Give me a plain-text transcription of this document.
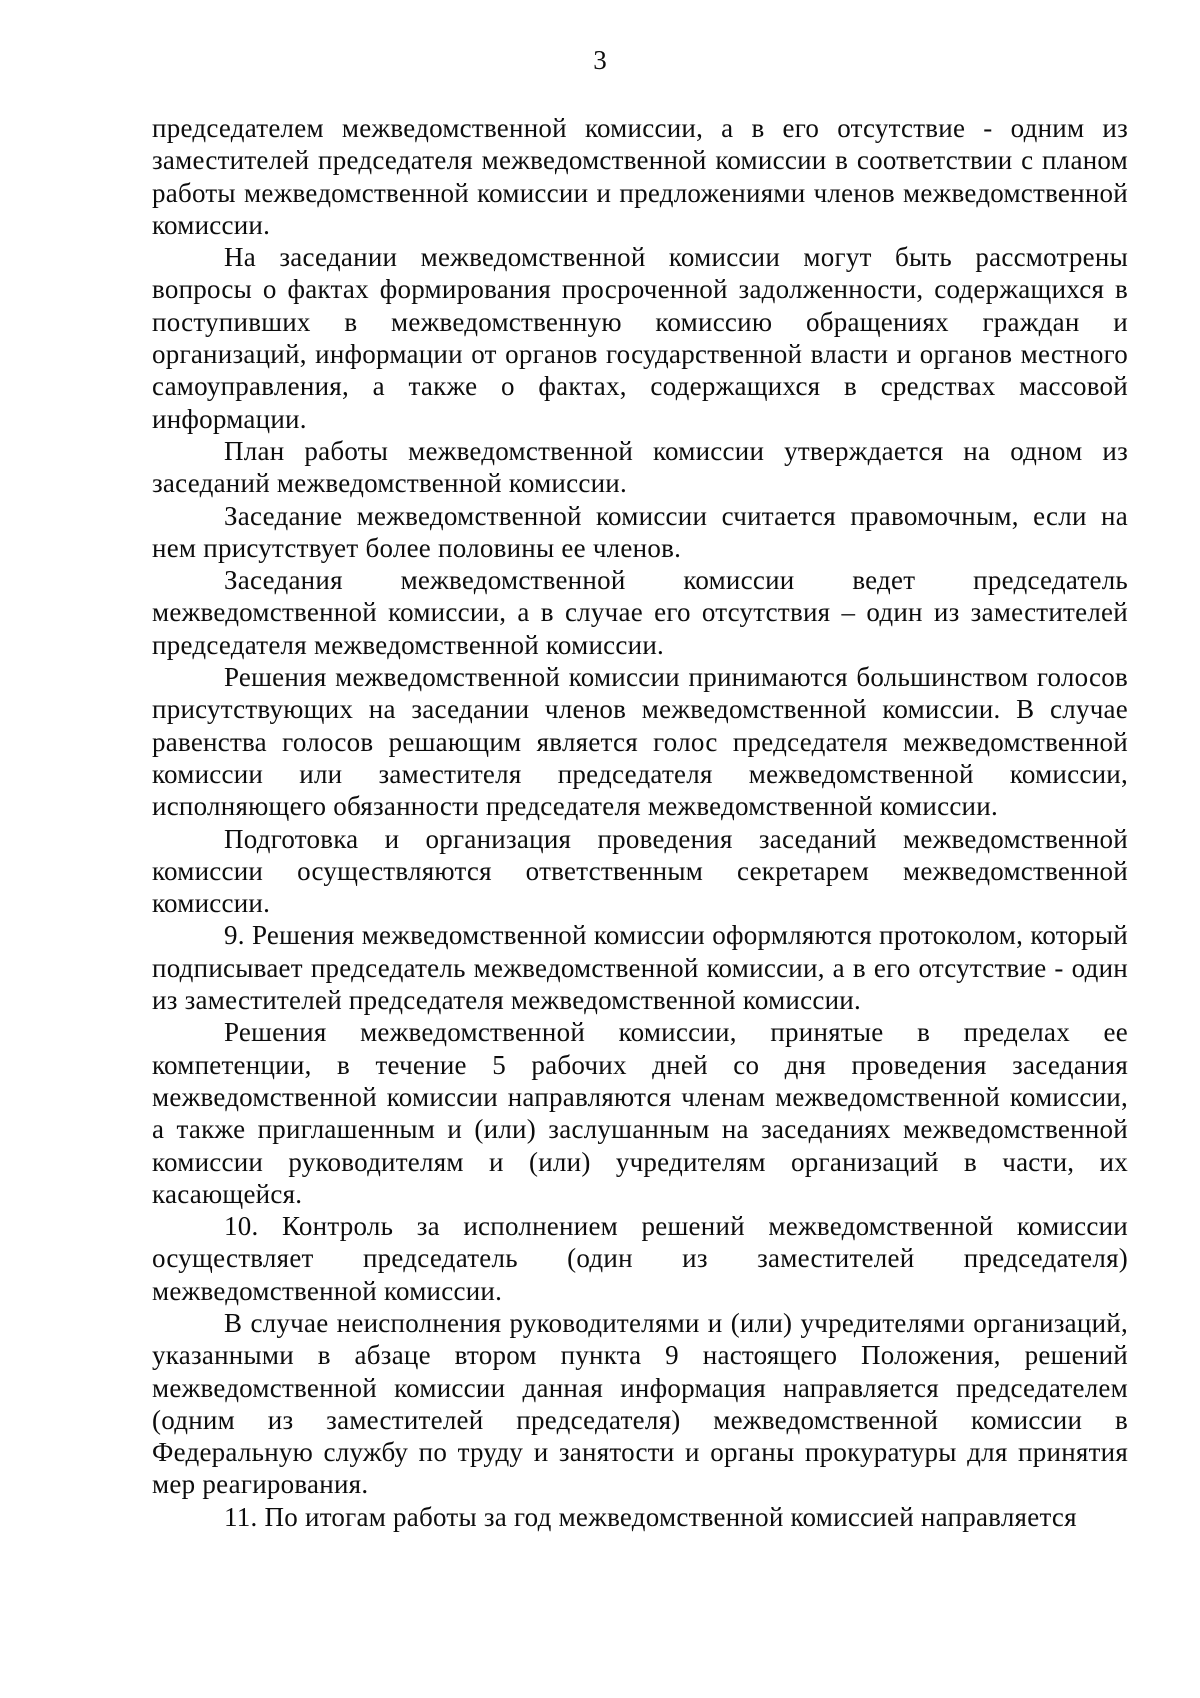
3

председателем межведомственной комиссии, а в его отсутствие - одним из заместителей председателя межведомственной комиссии в соответствии с планом работы межведомственной комиссии и предложениями членов межведомственной комиссии.

На заседании межведомственной комиссии могут быть рассмотрены вопросы о фактах формирования просроченной задолженности, содержащихся в поступивших в межведомственную комиссию обращениях граждан и организаций, информации от органов государственной власти и органов местного самоуправления, а также о фактах, содержащихся в средствах массовой информации.

План работы межведомственной комиссии утверждается на одном из заседаний межведомственной комиссии.

Заседание межведомственной комиссии считается правомочным, если на нем присутствует более половины ее членов.

Заседания межведомственной комиссии ведет председатель межведомственной комиссии, а в случае его отсутствия – один из заместителей председателя межведомственной комиссии.

Решения межведомственной комиссии принимаются большинством голосов присутствующих на заседании членов межведомственной комиссии. В случае равенства голосов решающим является голос председателя межведомственной комиссии или заместителя председателя межведомственной комиссии, исполняющего обязанности председателя межведомственной комиссии.

Подготовка и организация проведения заседаний межведомственной комиссии осуществляются ответственным секретарем межведомственной комиссии.

9. Решения межведомственной комиссии оформляются протоколом, который подписывает председатель межведомственной комиссии, а в его отсутствие - один из заместителей председателя межведомственной комиссии.

Решения межведомственной комиссии, принятые в пределах ее компетенции, в течение 5 рабочих дней со дня проведения заседания межведомственной комиссии направляются членам межведомственной комиссии, а также приглашенным и (или) заслушанным на заседаниях межведомственной комиссии руководителям и (или) учредителям организаций в части, их касающейся.

10. Контроль за исполнением решений межведомственной комиссии осуществляет председатель (один из заместителей председателя) межведомственной комиссии.

В случае неисполнения руководителями и (или) учредителями организаций, указанными в абзаце втором пункта 9 настоящего Положения, решений межведомственной комиссии данная информация направляется председателем (одним из заместителей председателя) межведомственной комиссии в Федеральную службу по труду и занятости и органы прокуратуры для принятия мер реагирования.

11. По итогам работы за год межведомственной комиссией направляется
